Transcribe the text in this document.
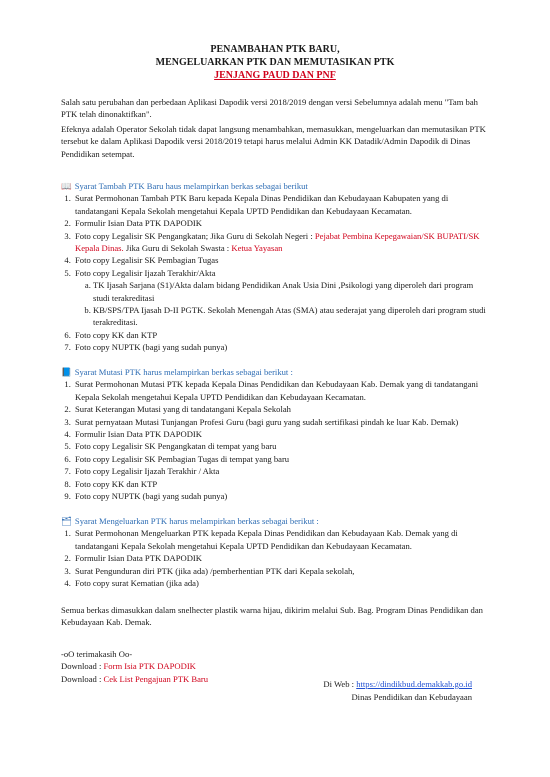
PENAMBAHAN PTK BARU,
MENGELUARKAN PTK DAN MEMUTASIKAN PTK
JENJANG PAUD DAN PNF

Salah satu perubahan dan perbedaan Aplikasi Dapodik versi 2018/2019 dengan versi Sebelumnya adalah menu "Tam bah PTK telah dinonaktifkan".

Efeknya adalah Operator Sekolah tidak dapat langsung menambahkan, memasukkan, mengeluarkan dan memutasikan PTK tersebut ke dalam Aplikasi Dapodik versi 2018/2019 tetapi harus melalui Admin KK Datadik/Admin Dapodik di Dinas Pendidikan setempat.

📖 Syarat Tambah PTK Baru haus melampirkan berkas sebagai berikut
1. Surat Permohonan Tambah PTK Baru kepada Kepala Dinas Pendidikan dan Kebudayaan Kabupaten yang di tandatangani Kepala Sekolah mengetahui Kepala UPTD Pendidikan dan Kebudayaan Kecamatan.
2. Formulir Isian Data PTK DAPODIK
3. Foto copy Legalisir SK Pengangkatan; Jika Guru di Sekolah Negeri : Pejabat Pembina Kepegawaian/SK BUPATI/SK Kepala Dinas. Jika Guru di Sekolah Swasta : Ketua Yayasan
4. Foto copy Legalisir SK Pembagian Tugas
5. Foto copy Legalisir Ijazah Terakhir/Akta
a. TK Ijasah Sarjana (S1)/Akta dalam bidang Pendidikan Anak Usia Dini ,Psikologi yang diperoleh dari program studi terakreditasi
b. KB/SPS/TPA Ijasah D-II PGTK. Sekolah Menengah Atas (SMA) atau sederajat yang diperoleh dari program studi terakreditasi.
6. Foto copy KK dan KTP
7. Foto copy NUPTK (bagi yang sudah punya)
📘 Syarat Mutasi PTK harus melampirkan berkas sebagai berikut :
1. Surat Permohonan Mutasi PTK kepada Kepala Dinas Pendidikan dan Kebudayaan Kab. Demak yang di tandatangani Kepala Sekolah mengetahui Kepala UPTD Pendidikan dan Kebudayaan Kecamatan.
2. Surat Keterangan Mutasi yang di tandatangani Kepala Sekolah
3. Surat pernyataan Mutasi Tunjangan Profesi Guru (bagi guru yang sudah sertifikasi pindah ke luar Kab. Demak)
4. Formulir Isian Data PTK DAPODIK
5. Foto copy Legalisir SK Pengangkatan di tempat yang baru
6. Foto copy Legalisir SK Pembagian Tugas di tempat yang baru
7. Foto copy Legalisir Ijazah Terakhir / Akta
8. Foto copy KK dan KTP
9. Foto copy NUPTK (bagi yang sudah punya)
🗂 Syarat Mengeluarkan PTK harus melampirkan berkas sebagai berikut :
1. Surat Permohonan Mengeluarkan PTK kepada Kepala Dinas Pendidikan dan Kebudayaan Kab. Demak yang di tandatangani Kepala Sekolah mengetahui Kepala UPTD Pendidikan dan Kebudayaan Kecamatan.
2. Formulir Isian Data PTK DAPODIK
3. Surat Pengunduran diri PTK (jika ada) /pemberhentian PTK dari Kepala sekolah,
4. Foto copy surat Kematian (jika ada)

Semua berkas dimasukkan dalam snelhecter plastik warna hijau, dikirim melalui Sub. Bag. Program Dinas Pendidikan dan Kebudayaan Kab. Demak.

-oO terimakasih Oo-
Download : Form Isia PTK DAPODIK
Download : Cek List Pengajuan PTK Baru
Di Web : https://dindikbud.demakkab.go.id
Dinas Pendidikan dan Kebudayaan
